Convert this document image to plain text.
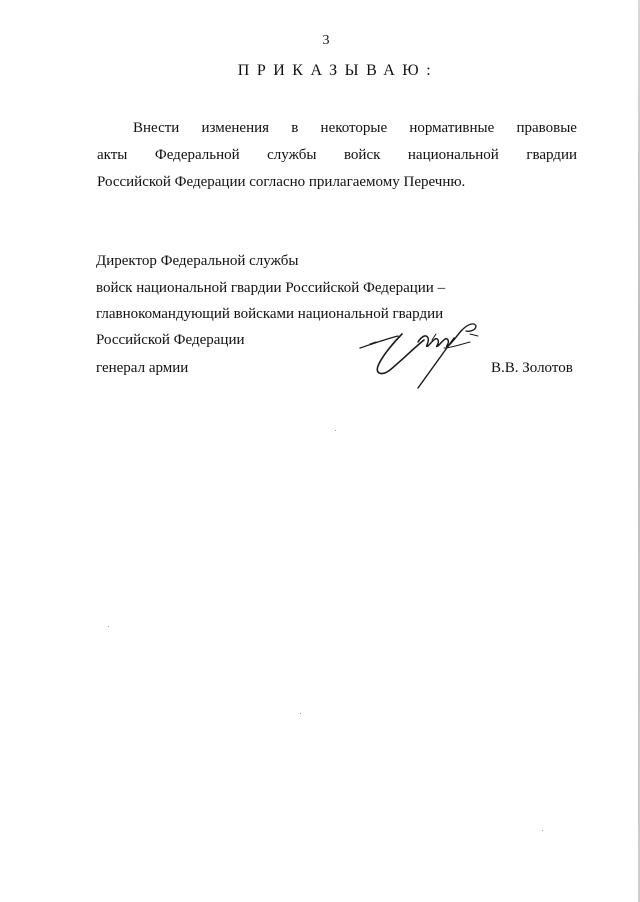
3
ПРИКАЗЫВАЮ:
Внести изменения в некоторые нормативные правовые
акты Федеральной службы войск национальной гвардии
Российской Федерации согласно прилагаемому Перечню.
Директор Федеральной службы
войск национальной гвардии Российской Федерации –
главнокомандующий войсками национальной гвардии
Российской Федерации
генерал армии	В.В. Золотов
